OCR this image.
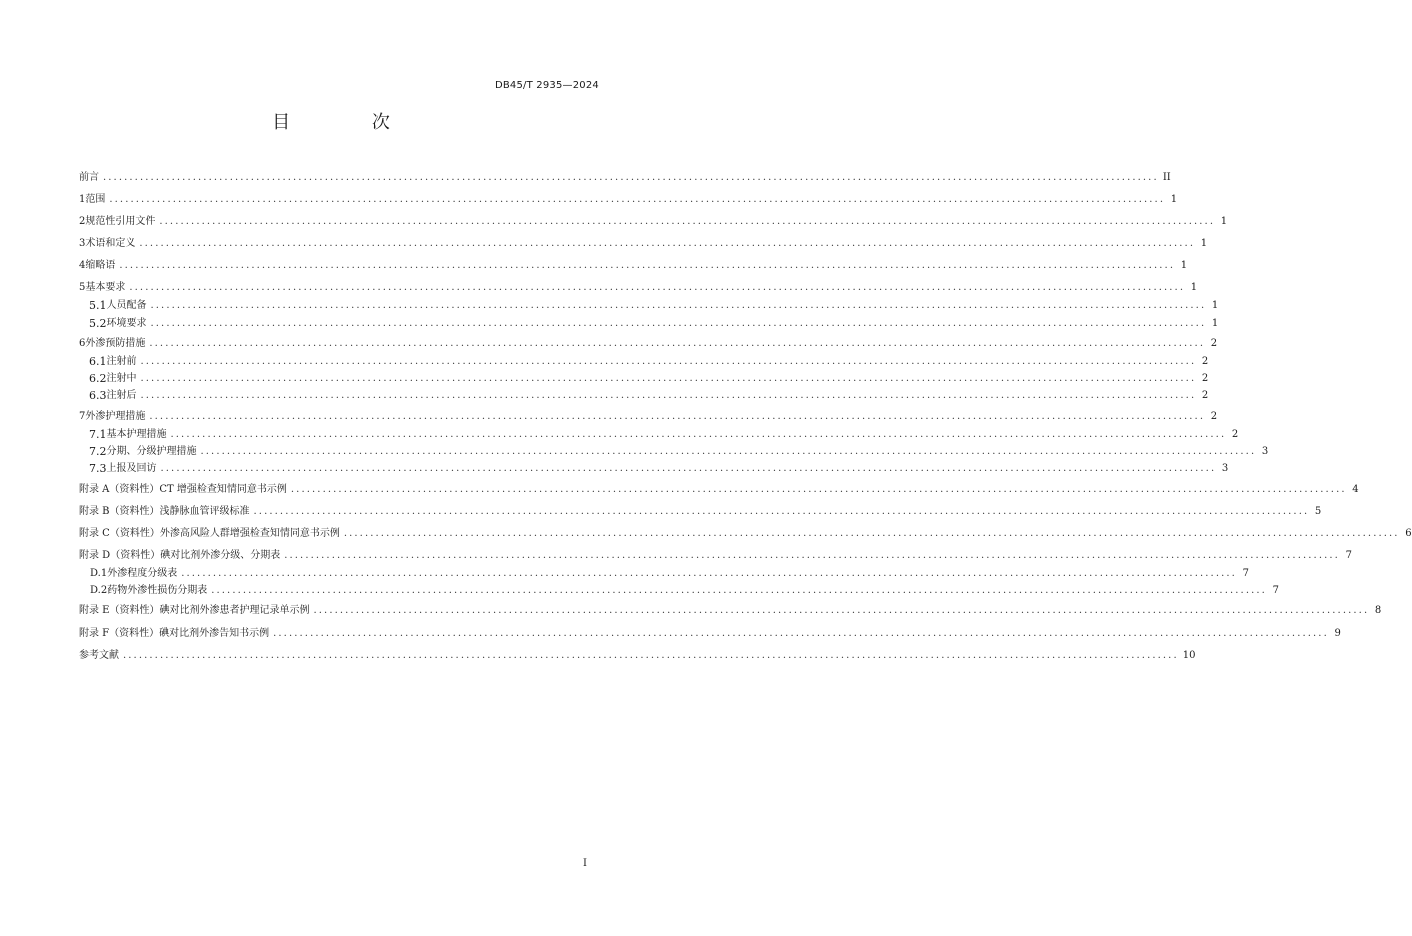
DB45/T 2935—2024
目 次
前言 ........................................................................................................................................................................................................ II
1 范围 ........................................................................................................................................................................................................ 1
2 规范性引用文件 ........................................................................................................................................................................................................ 1
3 术语和定义 ........................................................................................................................................................................................................ 1
4 缩略语 ........................................................................................................................................................................................................ 1
5 基本要求 ........................................................................................................................................................................................................ 1
5.1 人员配备 ........................................................................................................................................................................................................ 1
5.2 环境要求 ........................................................................................................................................................................................................ 1
6 外渗预防措施 ........................................................................................................................................................................................................ 2
6.1 注射前 ........................................................................................................................................................................................................ 2
6.2 注射中 ........................................................................................................................................................................................................ 2
6.3 注射后 ........................................................................................................................................................................................................ 2
7 外渗护理措施 ........................................................................................................................................................................................................ 2
7.1 基本护理措施 ........................................................................................................................................................................................................ 2
7.2 分期、分级护理措施 ........................................................................................................................................................................................................ 3
7.3 上报及回访 ........................................................................................................................................................................................................ 3
附录 A（资料性） CT 增强检查知情同意书示例 ........................................................................................................................................................................................................ 4
附录 B（资料性） 浅静脉血管评级标准 ........................................................................................................................................................................................................ 5
附录 C（资料性） 外渗高风险人群增强检查知情同意书示例 ........................................................................................................................................................................................................ 6
附录 D（资料性） 碘对比剂外渗分级、分期表 ........................................................................................................................................................................................................ 7
D.1 外渗程度分级表 ........................................................................................................................................................................................................ 7
D.2 药物外渗性损伤分期表 ........................................................................................................................................................................................................ 7
附录 E（资料性） 碘对比剂外渗患者护理记录单示例 ........................................................................................................................................................................................................ 8
附录 F（资料性） 碘对比剂外渗告知书示例 ........................................................................................................................................................................................................ 9
参考文献 ........................................................................................................................................................................................................ 10
I
